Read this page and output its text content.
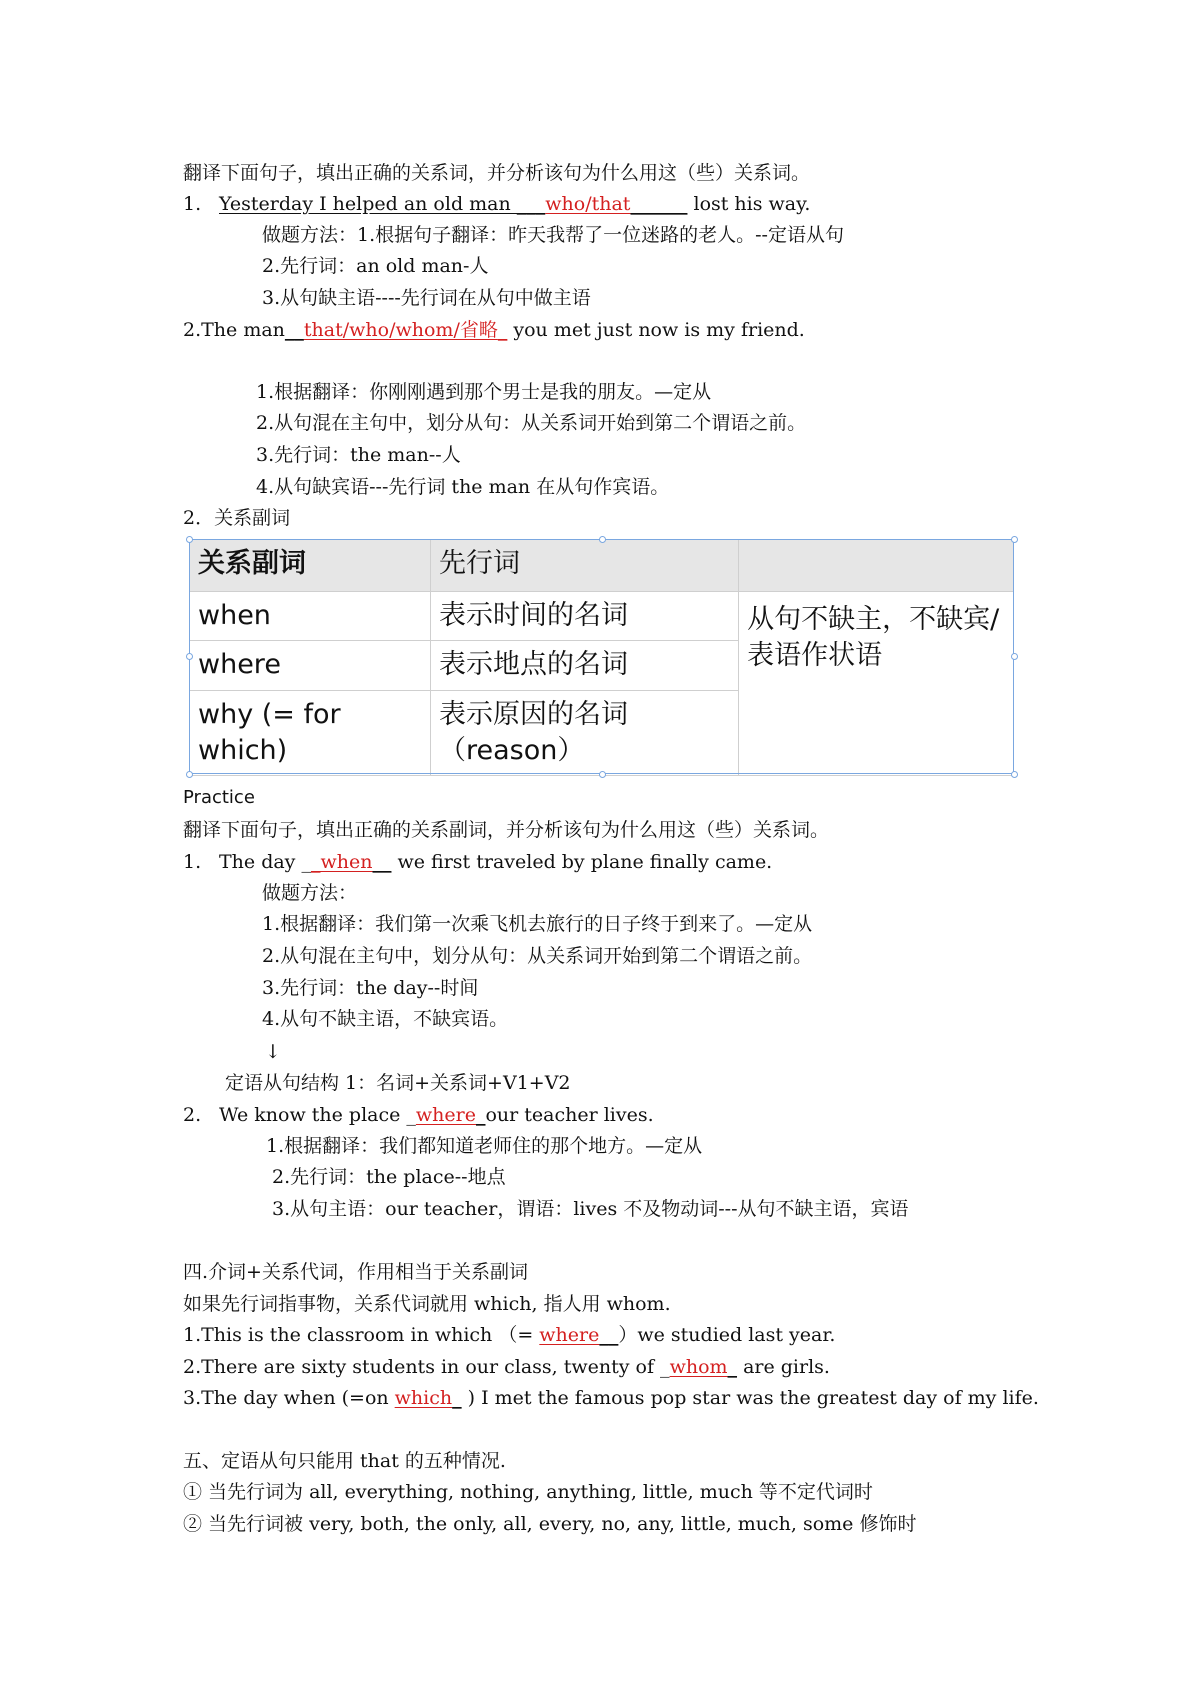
翻译下面句子，填出正确的关系词，并分析该句为什么用这（些）关系词。
1. Yesterday I helped an old man ___who/that______ lost his way.
做题方法：1.根据句子翻译：昨天我帮了一位迷路的老人。--定语从句
2.先行词：an old man-人
3.从句缺主语----先行词在从句中做主语
2.The man__that/who/whom/省略_ you met just now is my friend.
1.根据翻译：你刚刚遇到那个男士是我的朋友。—定从
2.从句混在主句中，划分从句：从关系词开始到第二个谓语之前。
3.先行词：the man--人
4.从句缺宾语---先行词 the man 在从句作宾语。
2．关系副词
关系副词	先行词	
when	表示时间的名词	从句不缺主，不缺宾/表语作状语
where	表示地点的名词	
why (= for which)	表示原因的名词（reason）	
Practice
翻译下面句子，填出正确的关系副词，并分析该句为什么用这（些）关系词。
1. The day __when__ we first traveled by plane finally came.
做题方法：
1.根据翻译：我们第一次乘飞机去旅行的日子终于到来了。—定从
2.从句混在主句中，划分从句：从关系词开始到第二个谓语之前。
3.先行词：the day--时间
4.从句不缺主语，不缺宾语。
↓
定语从句结构 1：名词+关系词+V1+V2
2. We know the place _where_our teacher lives.
1.根据翻译：我们都知道老师住的那个地方。—定从
2.先行词：the place--地点
3.从句主语：our teacher，谓语：lives 不及物动词---从句不缺主语，宾语
四.介词+关系代词，作用相当于关系副词
如果先行词指事物，关系代词就用 which, 指人用 whom.
1.This is the classroom in which （= where__）we studied last year.
2.There are sixty students in our class, twenty of _whom_ are girls.
3.The day when (=on which_ ) I met the famous pop star was the greatest day of my life.
五、定语从句只能用 that 的五种情况.
① 当先行词为 all, everything, nothing, anything, little, much 等不定代词时
② 当先行词被 very, both, the only, all, every, no, any, little, much, some 修饰时
